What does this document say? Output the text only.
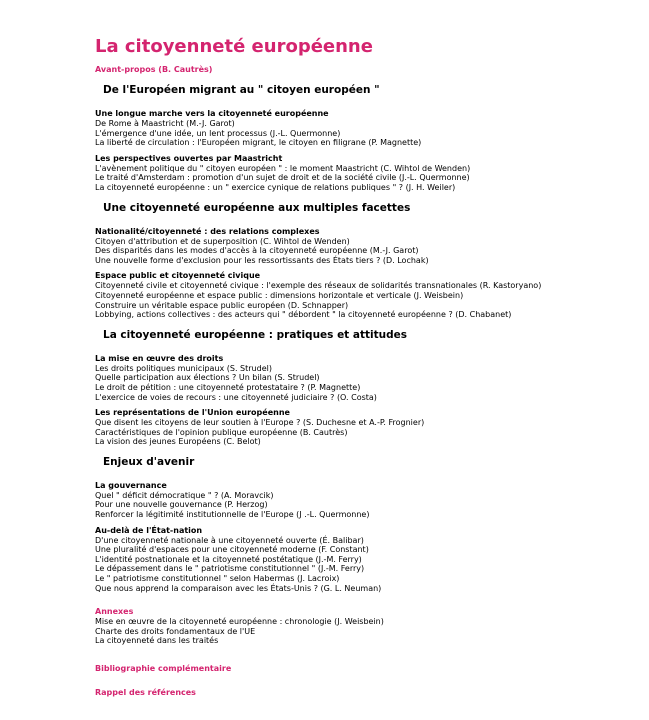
La citoyenneté européenne
Avant-propos (B. Cautrès)
De l'Européen migrant au " citoyen européen "
Une longue marche vers la citoyenneté européenne
De Rome à Maastricht (M.-J. Garot)
L'émergence d'une idée, un lent processus (J.-L. Quermonne)
La liberté de circulation : l'Européen migrant, le citoyen en filigrane (P. Magnette)
Les perspectives ouvertes par Maastricht
L'avènement politique du " citoyen européen " : le moment Maastricht (C. Wihtol de Wenden)
Le traité d'Amsterdam : promotion d'un sujet de droit et de la société civile (J.-L. Quermonne)
La citoyenneté européenne : un " exercice cynique de relations publiques " ? (J. H. Weiler)
Une citoyenneté européenne aux multiples facettes
Nationalité/citoyenneté : des relations complexes
Citoyen d'attribution et de superposition (C. Wihtol de Wenden)
Des disparités dans les modes d'accès à la citoyenneté européenne (M.-J. Garot)
Une nouvelle forme d'exclusion pour les ressortissants des États tiers ? (D. Lochak)
Espace public et citoyenneté civique
Citoyenneté civile et citoyenneté civique : l'exemple des réseaux de solidarités transnationales (R. Kastoryano)
Citoyenneté européenne et espace public : dimensions horizontale et verticale (J. Weisbein)
Construire un véritable espace public européen (D. Schnapper)
Lobbying, actions collectives : des acteurs qui " débordent " la citoyenneté européenne ? (D. Chabanet)
La citoyenneté européenne : pratiques et attitudes
La mise en œuvre des droits
Les droits politiques municipaux (S. Strudel)
Quelle participation aux élections ? Un bilan (S. Strudel)
Le droit de pétition : une citoyenneté protestataire ? (P. Magnette)
L'exercice de voies de recours : une citoyenneté judiciaire ? (O. Costa)
Les représentations de l'Union européenne
Que disent les citoyens de leur soutien à l'Europe ? (S. Duchesne et A.-P. Frognier)
Caractéristiques de l'opinion publique européenne (B. Cautrès)
La vision des jeunes Européens (C. Belot)
Enjeux d'avenir
La gouvernance
Quel " déficit démocratique " ? (A. Moravcik)
Pour une nouvelle gouvernance (P. Herzog)
Renforcer la légitimité institutionnelle de l'Europe (J .-L. Quermonne)
Au-delà de l'État-nation
D'une citoyenneté nationale à une citoyenneté ouverte (É. Balibar)
Une pluralité d'espaces pour une citoyenneté moderne (F. Constant)
L'identité postnationale et la citoyenneté postétatique (J.-M. Ferry)
Le dépassement dans le " patriotisme constitutionnel " (J.-M. Ferry)
Le " patriotisme constitutionnel " selon Habermas (J. Lacroix)
Que nous apprend la comparaison avec les États-Unis ? (G. L. Neuman)
Annexes
Mise en œuvre de la citoyenneté européenne : chronologie (J. Weisbein)
Charte des droits fondamentaux de l'UE
La citoyenneté dans les traités
Bibliographie complémentaire
Rappel des références
